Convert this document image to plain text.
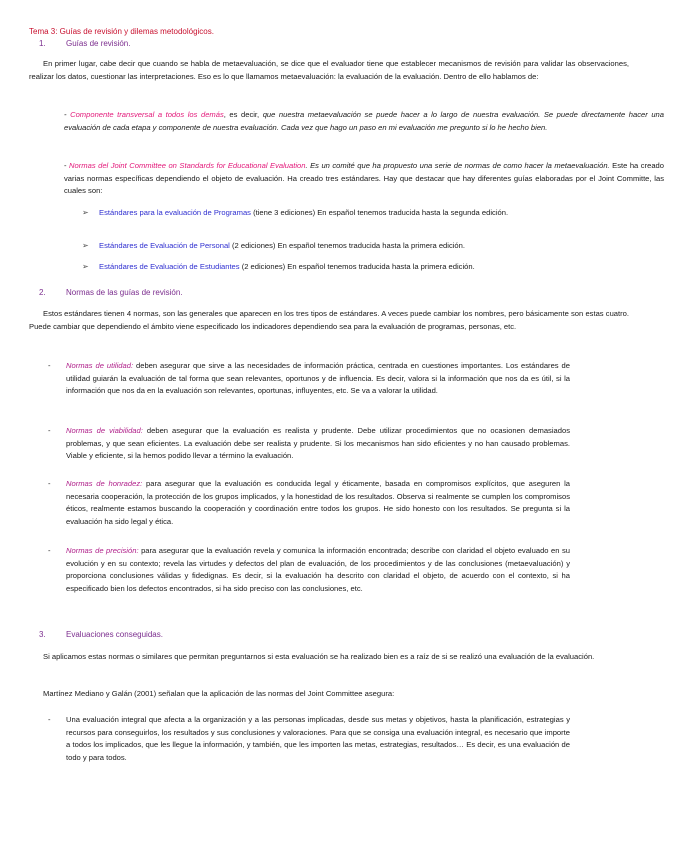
Tema 3: Guías de revisión y dilemas metodológicos.
1.	Guías de revisión.

En primer lugar, cabe decir que cuando se habla de metaevaluación, se dice que el evaluador tiene que establecer mecanismos de revisión para validar las observaciones, realizar los datos, cuestionar las interpretaciones. Eso es lo que llamamos metaevaluación: la evaluación de la evaluación. Dentro de ello hablamos de:

- Componente transversal a todos los demás, es decir, que nuestra metaevaluación se puede hacer a lo largo de nuestra evaluación. Se puede directamente hacer una evaluación de cada etapa y componente de nuestra evaluación. Cada vez que hago un paso en mi evaluación me pregunto si lo he hecho bien.

- Normas del Joint Committee on Standards for Educational Evaluation. Es un comité que ha propuesto una serie de normas de como hacer la metaevaluación. Este ha creado varias normas específicas dependiendo el objeto de evaluación. Ha creado tres estándares. Hay que destacar que hay diferentes guías elaboradas por el Joint Committe, las cuales son:

➢	Estándares para la evaluación de Programas (tiene 3 ediciones) En español tenemos traducida hasta la segunda edición.

➢	Estándares de Evaluación de Personal (2 ediciones) En español tenemos traducida hasta la primera edición.

➢	Estándares de Evaluación de Estudiantes (2 ediciones) En español tenemos traducida hasta la primera edición.

2.	Normas de las guías de revisión.

Estos estándares tienen 4 normas, son las generales que aparecen en los tres tipos de estándares. A veces puede cambiar los nombres, pero básicamente son estas cuatro. Puede cambiar que dependiendo el ámbito viene especificado los indicadores dependiendo sea para la evaluación de programas, personas, etc.

-	Normas de utilidad: deben asegurar que sirve a las necesidades de información práctica, centrada en cuestiones importantes. Los estándares de utilidad guiarán la evaluación de tal forma que sean relevantes, oportunos y de influencia. Es decir, valora si la información que nos da es útil, si la información que nos da en la evaluación son relevantes, oportunas, influyentes, etc. Se va a valorar la utilidad.

-	Normas de viabilidad: deben asegurar que la evaluación es realista y prudente. Debe utilizar procedimientos que no ocasionen demasiados problemas, y que sean eficientes. La evaluación debe ser realista y prudente. Si los mecanismos han sido eficientes y no han causado problemas. Viable y eficiente, si la hemos podido llevar a término la evaluación.

-	Normas de honradez: para asegurar que la evaluación es conducida legal y éticamente, basada en compromisos explícitos, que aseguren la necesaria cooperación, la protección de los grupos implicados, y la honestidad de los resultados. Observa si realmente se cumplen los compromisos éticos, realmente estamos buscando la cooperación y coordinación entre todos los grupos. He sido honesto con los resultados. Se pregunta si la evaluación ha sido legal y ética.

-	Normas de precisión: para asegurar que la evaluación revela y comunica la información encontrada; describe con claridad el objeto evaluado en su evolución y en su contexto; revela las virtudes y defectos del plan de evaluación, de los procedimientos y de las conclusiones (metaevaluación) y proporciona conclusiones válidas y fidedignas. Es decir, si la evaluación ha descrito con claridad el objeto, de acuerdo con el contexto, si ha especificado bien los defectos encontrados, si ha sido preciso con las conclusiones, etc.

3.	Evaluaciones conseguidas.

Si aplicamos estas normas o similares que permitan preguntarnos si esta evaluación se ha realizado bien es a raíz de si se realizó una evaluación de la evaluación.

Martínez Mediano y Galán (2001) señalan que la aplicación de las normas del Joint Committee asegura:

-	Una evaluación integral que afecta a la organización y a las personas implicadas, desde sus metas y objetivos, hasta la planificación, estrategias y recursos para conseguirlos, los resultados y sus conclusiones y valoraciones. Para que se consiga una evaluación integral, es necesario que importe a todos los implicados, que les llegue la información, y también, que les importen las metas, estrategias, resultados… Es decir, es una evaluación de todo y para todos.
